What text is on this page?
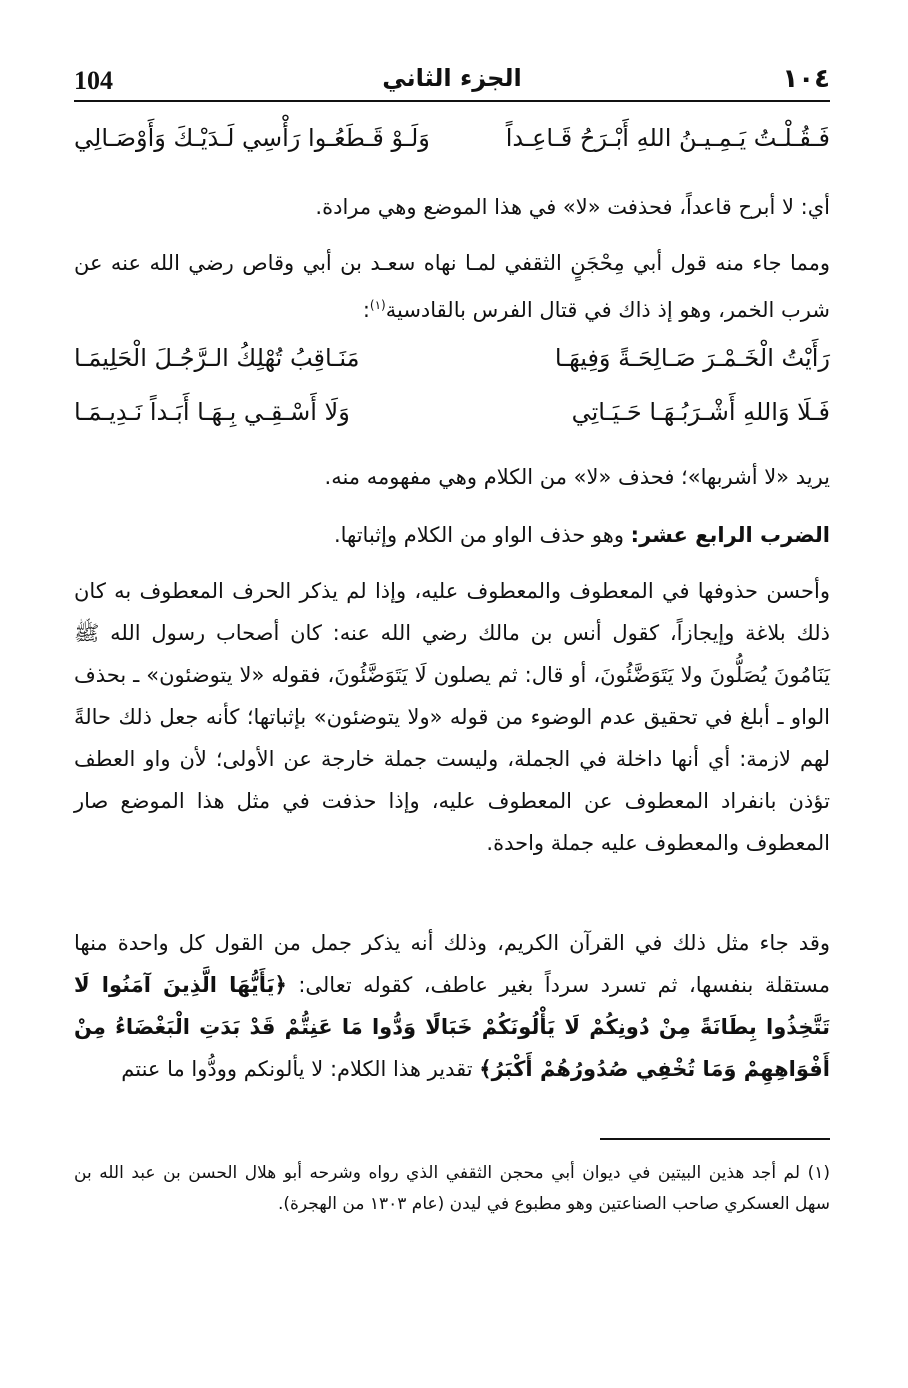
104	الجزء الثاني	١٠٤
فَـقُـلْـتُ يَـمِـيـنُ اللهِ أَبْـرَحُ قَـاعِـداً
وَلَـوْ قَـطَعُـوا رَأْسِي لَـدَيْـكَ وَأَوْصَـالِي
أي: لا أبرح قاعداً، فحذفت «لا» في هذا الموضع وهي مرادة.
ومما جاء منه قول أبي مِحْجَنٍ الثقفي لمـا نهاه سعـد بن أبي وقاص رضي الله عنه عن شرب الخمر، وهو إذ ذاك في قتال الفرس بالقادسية$^{(١)}$:
رَأَيْتُ الْخَـمْـرَ صَـالِحَـةً وَفِيهَـا
مَنَـاقِبُ تُهْلِكُ الـرَّجُـلَ الْحَلِيمَـا
فَـلَا وَاللهِ أَشْـرَبُـهَـا حَـيَـاتِي
وَلَا أَسْـقِـي بِـهَـا أَبَـداً نَـدِيـمَـا
يريد «لا أشربها»؛ فحذف «لا» من الكلام وهي مفهومه منه.
الضرب الرابع عشر: وهو حذف الواو من الكلام وإثباتها.
وأحسن حذوفها في المعطوف والمعطوف عليه، وإذا لم يذكر الحرف المعطوف به كان ذلك بلاغة وإيجازاً، كقول أنس بن مالك رضي الله عنه: كان أصحاب رسول الله ﷺ يَنَامُونَ يُصَلُّونَ ولا يَتَوَضَّئُونَ، أو قال: ثم يصلون لَا يَتَوَضَّئُونَ، فقوله «لا يتوضئون» ـ بحذف الواو ـ أبلغ في تحقيق عدم الوضوء من قوله «ولا يتوضئون» بإثباتها؛ كأنه جعل ذلك حالةً لهم لازمة: أي أنها داخلة في الجملة، وليست جملة خارجة عن الأولى؛ لأن واو العطف تؤذن بانفراد المعطوف عن المعطوف عليه، وإذا حذفت في مثل هذا الموضع صار المعطوف والمعطوف عليه جملة واحدة.
وقد جاء مثل ذلك في القرآن الكريم، وذلك أنه يذكر جمل من القول كل واحدة منها مستقلة بنفسها، ثم تسرد سرداً بغير عاطف، كقوله تعالى: ﴿يَأَيُّهَا الَّذِينَ آمَنُوا لَا تَتَّخِذُوا بِطَانَةً مِنْ دُونِكُمْ لَا يَأْلُونَكُمْ خَبَالًا وَدُّوا مَا عَنِتُّمْ قَدْ بَدَتِ الْبَغْضَاءُ مِنْ أَفْوَاهِهِمْ وَمَا تُخْفِي صُدُورُهُمْ أَكْبَرُ﴾ تقدير هذا الكلام: لا يألونكم وودُّوا ما عنتم
(١) لم أجد هذين البيتين في ديوان أبي محجن الثقفي الذي رواه وشرحه أبو هلال الحسن بن عبد الله بن سهل العسكري صاحب الصناعتين وهو مطبوع في ليدن (عام ١٣٠٣ من الهجرة).
